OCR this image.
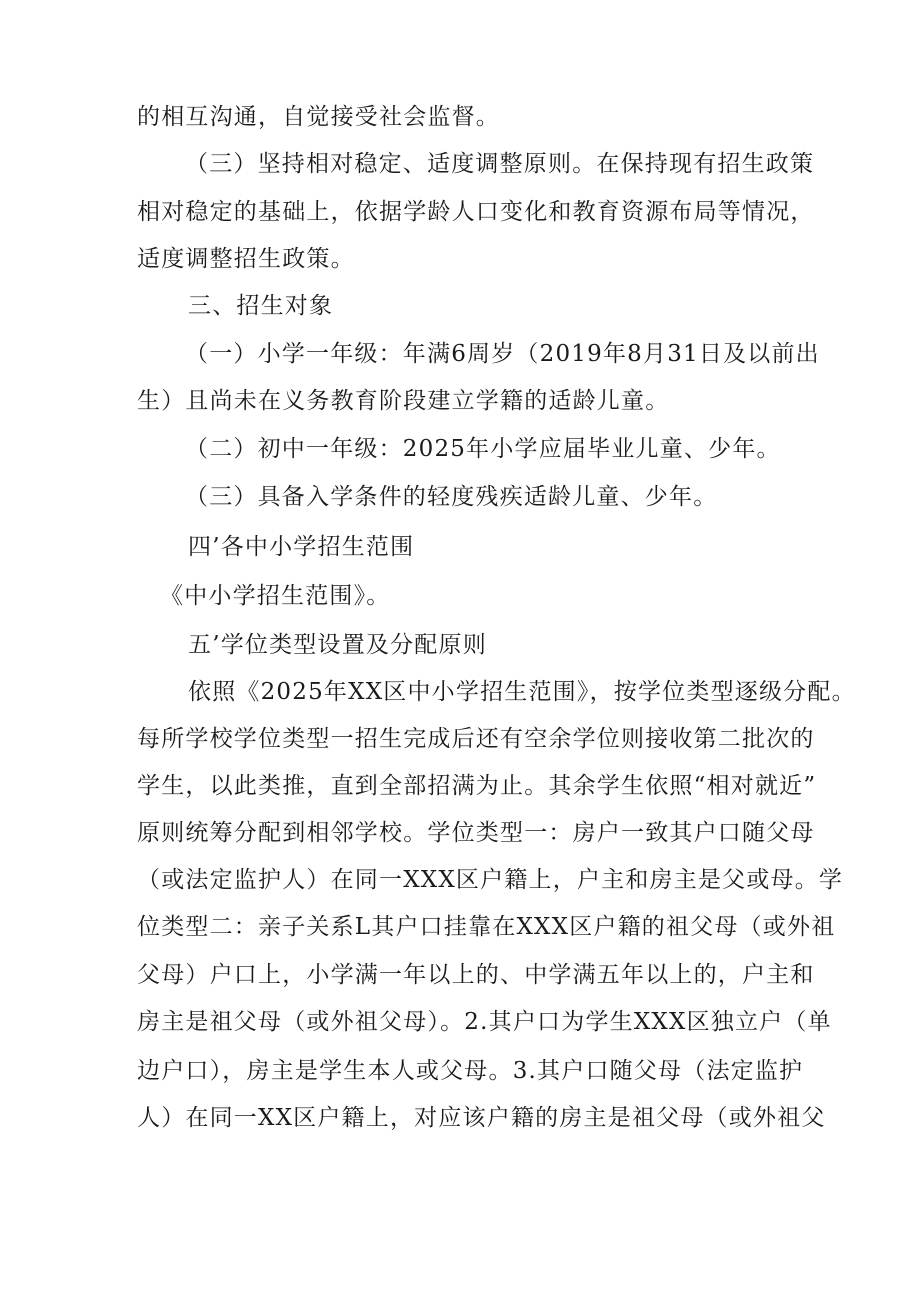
的相互沟通，自觉接受社会监督。
（三）坚持相对稳定、适度调整原则。在保持现有招生政策
相对稳定的基础上，依据学龄人口变化和教育资源布局等情况，
适度调整招生政策。
三、招生对象
（一）小学一年级：年满6周岁（2019年8月31日及以前出
生）且尚未在义务教育阶段建立学籍的适龄儿童。
（二）初中一年级：2025年小学应届毕业儿童、少年。
（三）具备入学条件的轻度残疾适龄儿童、少年。
四’各中小学招生范围
《中小学招生范围》。
五’学位类型设置及分配原则
依照《2025年XX区中小学招生范围》，按学位类型逐级分配。
每所学校学位类型一招生完成后还有空余学位则接收第二批次的
学生，以此类推，直到全部招满为止。其余学生依照“相对就近”
原则统筹分配到相邻学校。学位类型一：房户一致其户口随父母
（或法定监护人）在同一XXX区户籍上，户主和房主是父或母。学
位类型二：亲子关系L其户口挂靠在XXX区户籍的祖父母（或外祖
父母）户口上，小学满一年以上的、中学满五年以上的，户主和
房主是祖父母（或外祖父母）。2.其户口为学生XXX区独立户（单
边户口），房主是学生本人或父母。3.其户口随父母（法定监护
人）在同一XX区户籍上，对应该户籍的房主是祖父母（或外祖父
